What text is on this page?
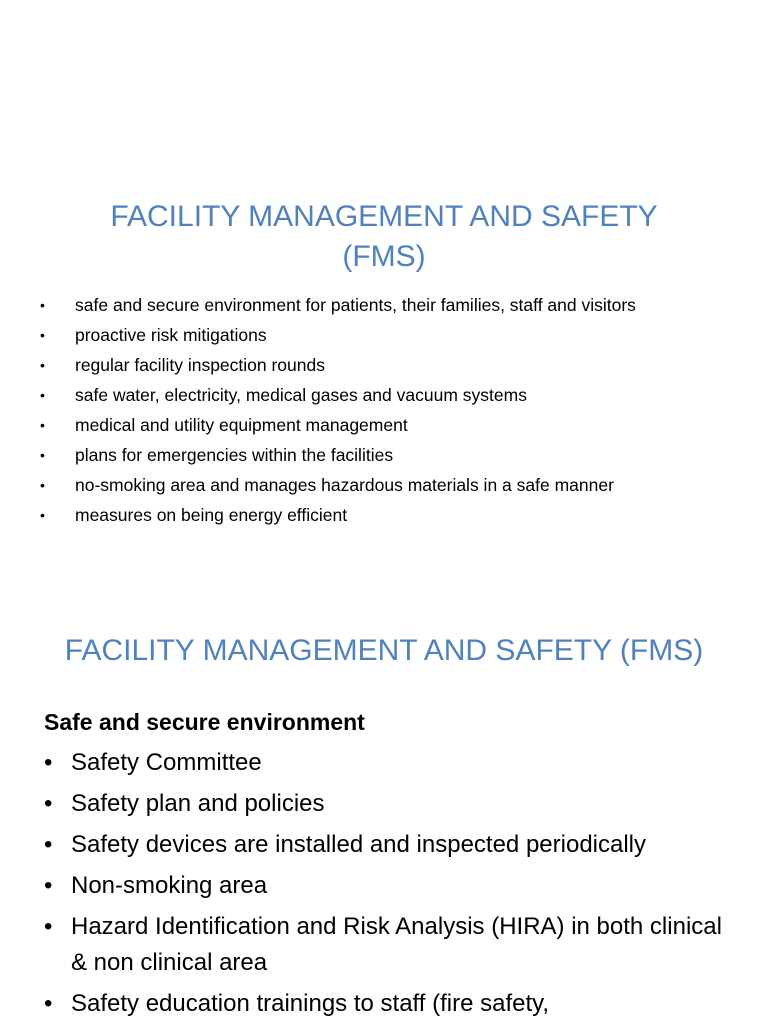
FACILITY MANAGEMENT AND SAFETY
(FMS)
• safe and secure environment for patients, their families, staff and visitors
• proactive risk mitigations
• regular facility inspection rounds
• safe water, electricity, medical gases and vacuum systems
• medical and utility equipment management
• plans for emergencies within the facilities
• no-smoking area and manages hazardous materials in a safe manner
• measures on being energy efficient
FACILITY MANAGEMENT AND SAFETY (FMS)
Safe and secure environment
• Safety Committee
• Safety plan and policies
• Safety devices are installed and inspected periodically
• Non-smoking area
• Hazard Identification and Risk Analysis (HIRA) in both clinical & non clinical area
• Safety education trainings to staff (fire safety,
